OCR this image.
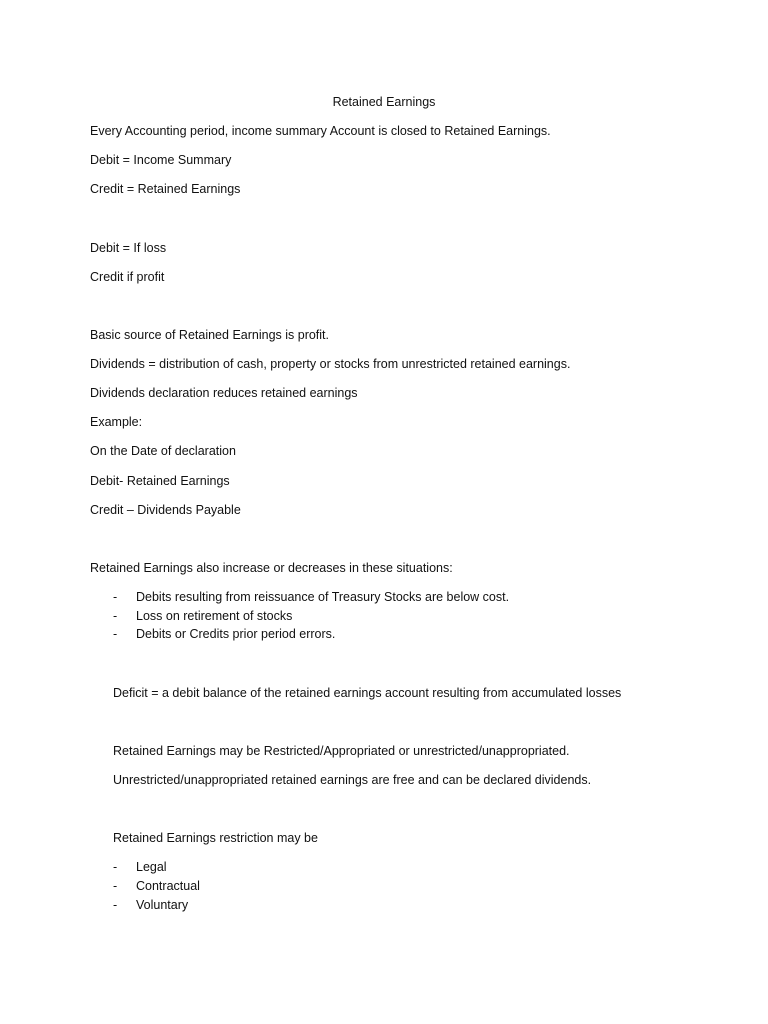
Retained Earnings
Every Accounting period, income summary Account is closed to Retained Earnings.
Debit = Income Summary
Credit = Retained Earnings
Debit = If loss
Credit if profit
Basic source of Retained Earnings is profit.
Dividends = distribution of cash, property or stocks from unrestricted retained earnings.
Dividends declaration reduces retained earnings
Example:
On the Date of declaration
Debit- Retained Earnings
Credit – Dividends Payable
Retained Earnings also increase or decreases in these situations:
- Debits resulting from reissuance of Treasury Stocks are below cost.
- Loss on retirement of stocks
- Debits or Credits prior period errors.
Deficit = a debit balance of the retained earnings account resulting from accumulated losses
Retained Earnings may be Restricted/Appropriated or unrestricted/unappropriated.
Unrestricted/unappropriated retained earnings are free and can be declared dividends.
Retained Earnings restriction may be
- Legal
- Contractual
- Voluntary
